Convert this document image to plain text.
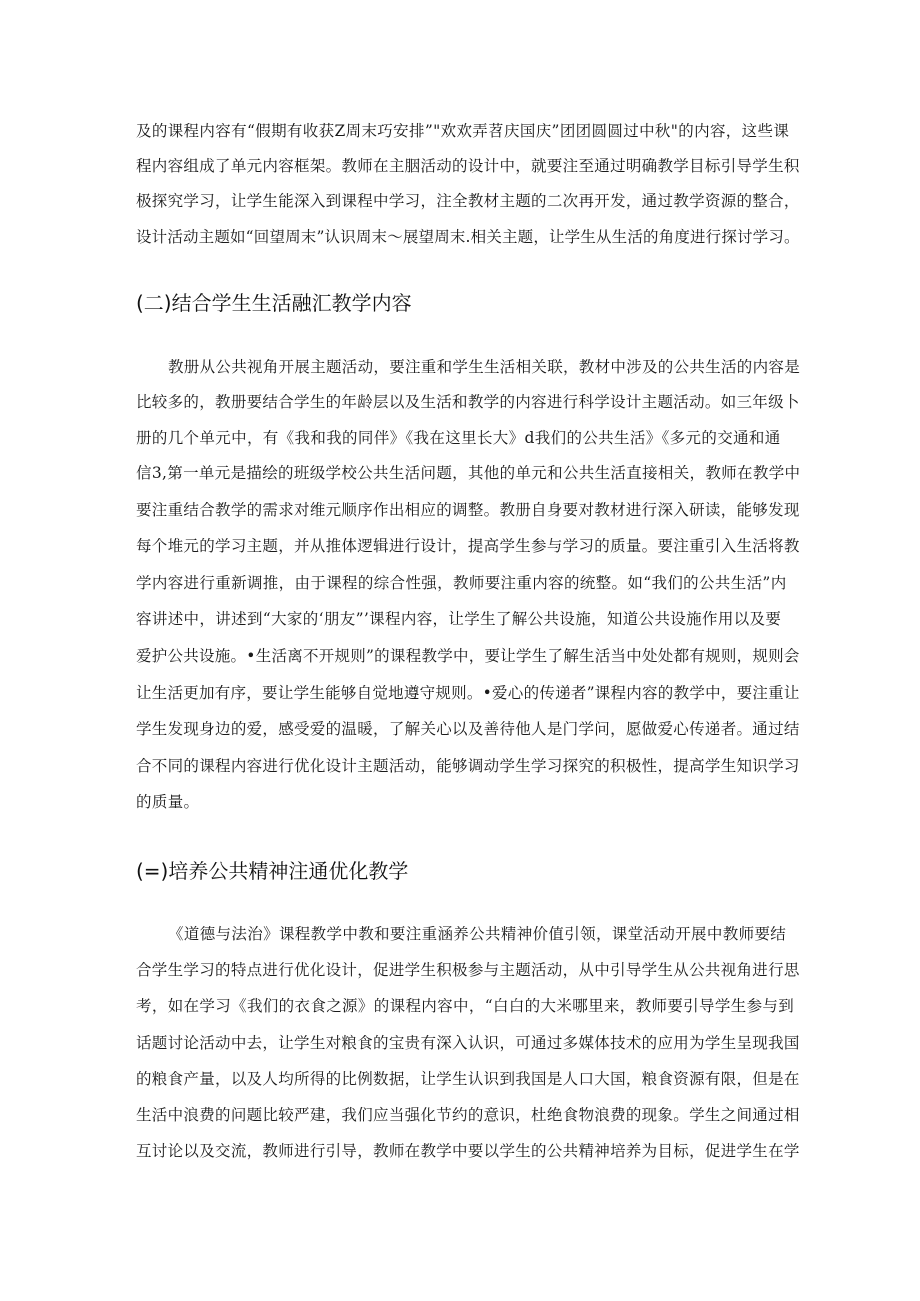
及的课程内容有“假期有收获Z周末巧安排”"欢欢弄苕庆国庆”团团圆圆过中秋"的内容，这些课
程内容组成了单元内容框架。教师在主胭活动的设计中，就要注至通过明确教学目标引导学生积
极探究学习，让学生能深入到课程中学习，注全教材主题的二次再开发，通过教学资源的整合，
设计活动主题如“回望周末”认识周末～展望周末.相关主题，让学生从生活的角度进行探讨学习。
(二)结合学生生活融汇教学内容
教册从公共视角开展主题活动，要注重和学生生活相关联，教材中涉及的公共生活的内容是
比较多的，教册要结合学生的年龄层以及生活和教学的内容进行科学设计主题活动。如三年级卜
册的几个单元中，有《我和我的同伴》《我在这里长大》d我们的公共生活》《多元的交通和通
信3,第一单元是描绘的班级学校公共生活问题，其他的单元和公共生活直接相关，教师在教学中
要注重结合教学的需求对维元顺序作出相应的调整。教册自身要对教材进行深入研读，能够发现
每个堆元的学习主题，并从推体逻辑进行设计，提高学生参与学习的质量。要注重引入生活将教
学内容进行重新调推，由于课程的综合性强，教师要注重内容的统整。如“我们的公共生活”内
容讲述中，讲述到“大家的‘朋友”’课程内容，让学生了解公共设施，知道公共设施作用以及要
爱护公共设施。•生活离不开规则”的课程教学中，要让学生了解生活当中处处都有规则，规则会
让生活更加有序，要让学生能够自觉地遵守规则。•爱心的传递者”课程内容的教学中，要注重让
学生发现身边的爱，感受爱的温暖，了解关心以及善待他人是门学问，愿做爱心传递者。通过结
合不同的课程内容进行优化设计主题活动，能够调动学生学习探究的积极性，提高学生知识学习
的质量。
(=)培养公共精神注通优化教学
《道德与法治》课程教学中教和要注重涵养公共精神价值引领，课堂活动开展中教师要结
合学生学习的特点进行优化设计，促进学生积极参与主题活动，从中引导学生从公共视角进行思
考，如在学习《我们的衣食之源》的课程内容中，“白白的大米哪里来，教师要引导学生参与到
话题讨论活动中去，让学生对粮食的宝贵有深入认识，可通过多媒体技术的应用为学生呈现我国
的粮食产量，以及人均所得的比例数据，让学生认识到我国是人口大国，粮食资源有限，但是在
生活中浪费的问题比较严建，我们应当强化节约的意识，杜绝食物浪费的现象。学生之间通过相
互讨论以及交流，教师进行引导，教师在教学中要以学生的公共精神培养为目标，促进学生在学
